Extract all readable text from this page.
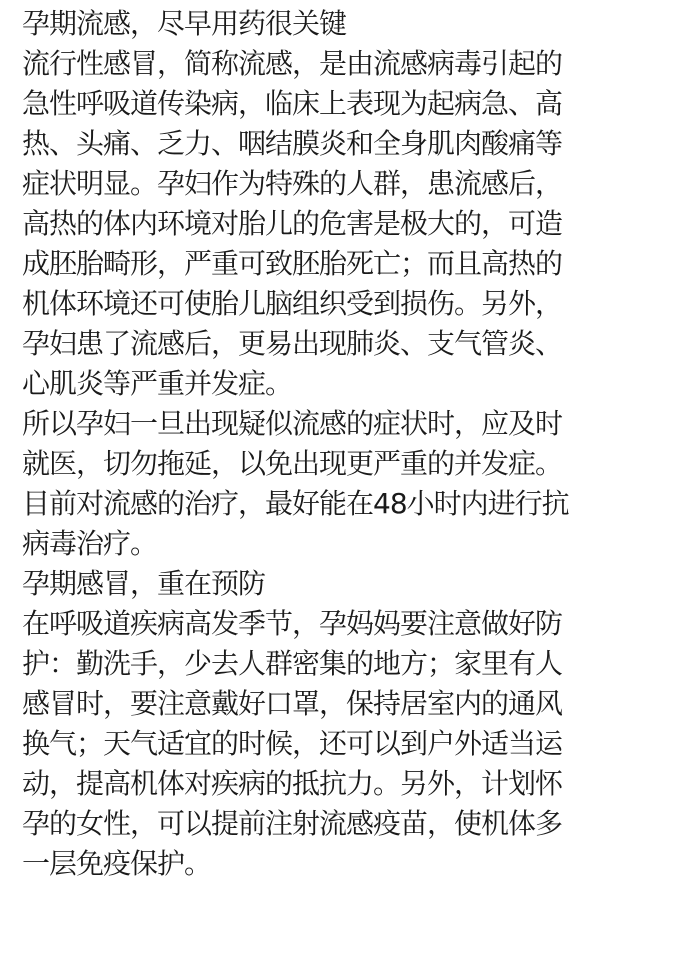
孕期流感，尽早用药很关键
流行性感冒，简称流感，是由流感病毒引起的
急性呼吸道传染病，临床上表现为起病急、高
热、头痛、乏力、咽结膜炎和全身肌肉酸痛等
症状明显。孕妇作为特殊的人群，患流感后，
高热的体内环境对胎儿的危害是极大的，可造
成胚胎畸形，严重可致胚胎死亡；而且高热的
机体环境还可使胎儿脑组织受到损伤。另外，
孕妇患了流感后，更易出现肺炎、支气管炎、
心肌炎等严重并发症。
所以孕妇一旦出现疑似流感的症状时，应及时
就医，切勿拖延，以免出现更严重的并发症。
目前对流感的治疗，最好能在48小时内进行抗
病毒治疗。
孕期感冒，重在预防
在呼吸道疾病高发季节，孕妈妈要注意做好防
护：勤洗手，少去人群密集的地方；家里有人
感冒时，要注意戴好口罩，保持居室内的通风
换气；天气适宜的时候，还可以到户外适当运
动，提高机体对疾病的抵抗力。另外，计划怀
孕的女性，可以提前注射流感疫苗，使机体多
一层免疫保护。
